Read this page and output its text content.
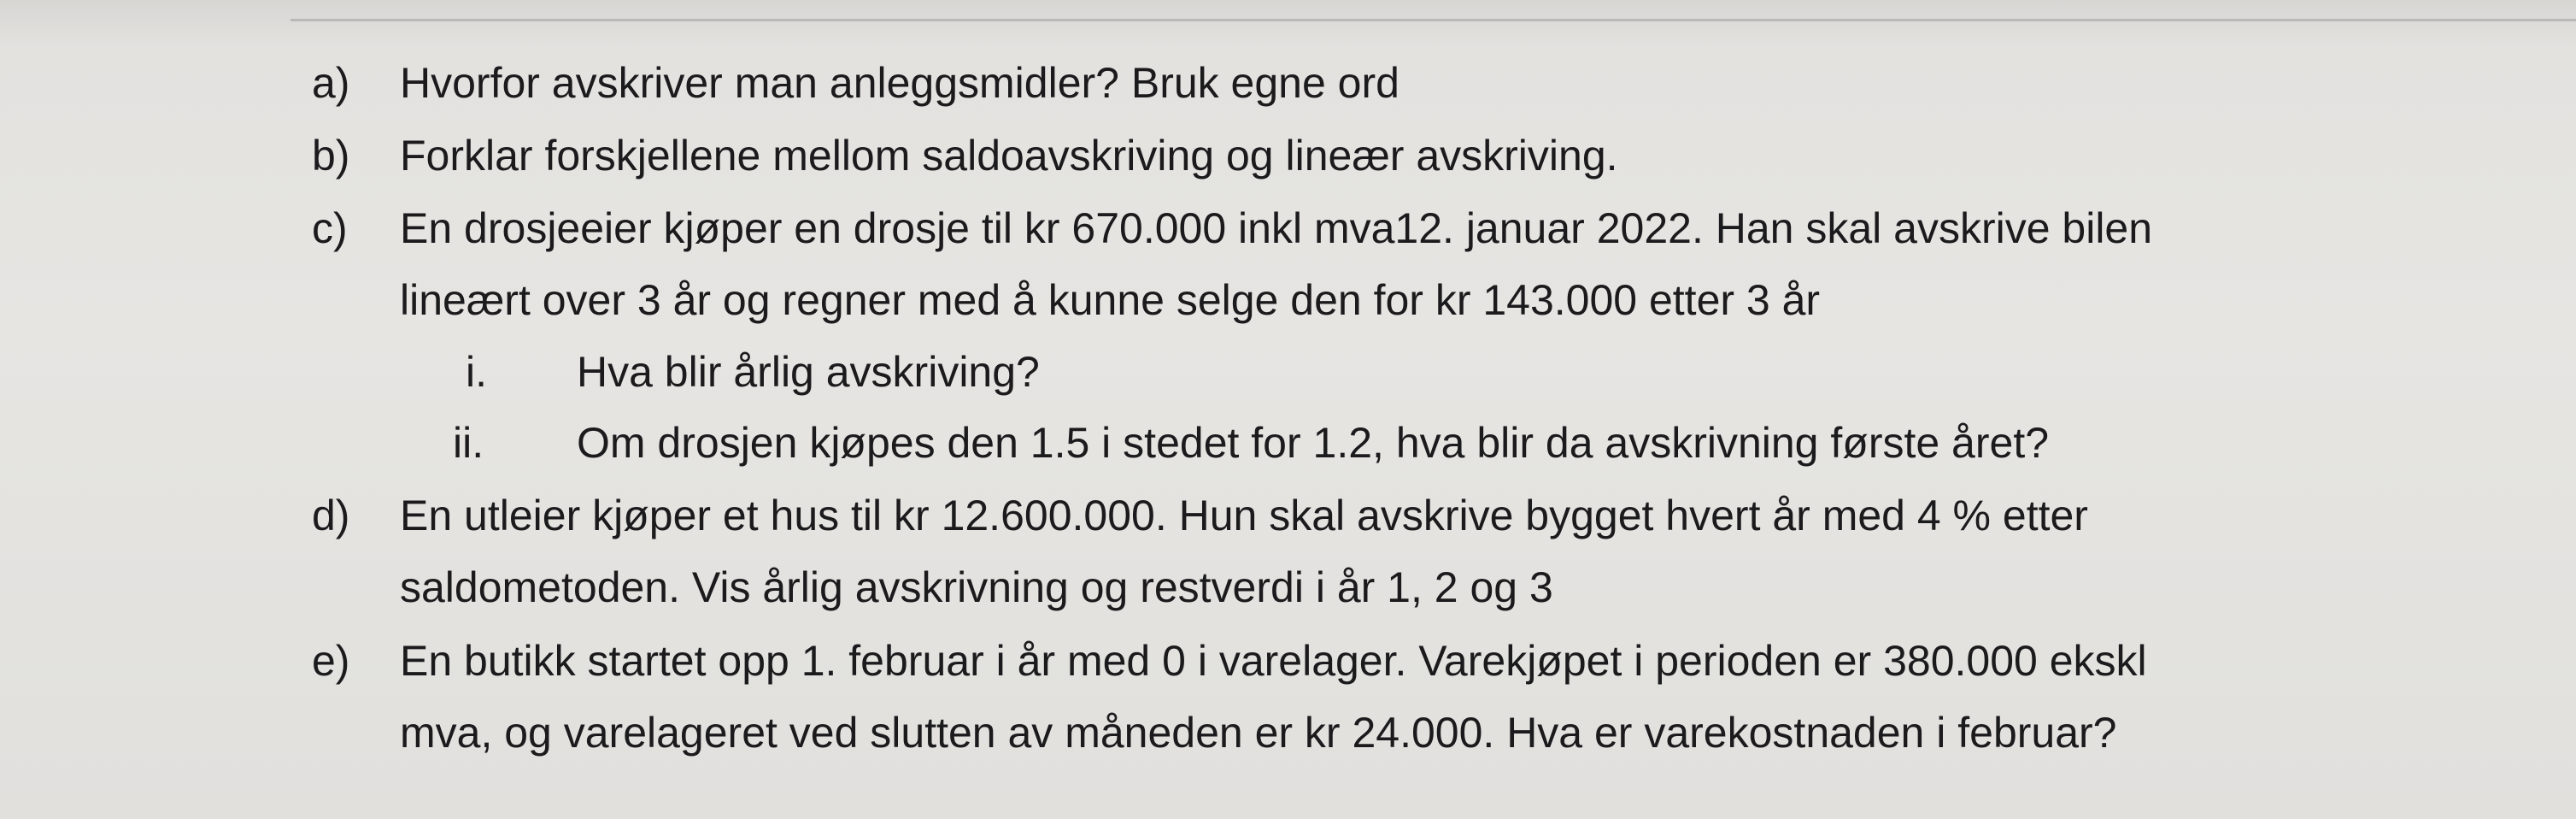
a) Hvorfor avskriver man anleggsmidler? Bruk egne ord
b) Forklar forskjellene mellom saldoavskriving og lineær avskriving.
c) En drosjeeier kjøper en drosje til kr 670.000 inkl mva12. januar 2022. Han skal avskrive bilen
lineært over 3 år og regner med å kunne selge den for kr 143.000 etter 3 år
i. Hva blir årlig avskriving?
ii. Om drosjen kjøpes den 1.5 i stedet for 1.2, hva blir da avskrivning første året?
d) En utleier kjøper et hus til kr 12.600.000. Hun skal avskrive bygget hvert år med 4 % etter
saldometoden. Vis årlig avskrivning og restverdi i år 1, 2 og 3
e) En butikk startet opp 1. februar i år med 0 i varelager. Varekjøpet i perioden er 380.000 ekskl
mva, og varelageret ved slutten av måneden er kr 24.000. Hva er varekostnaden i februar?
